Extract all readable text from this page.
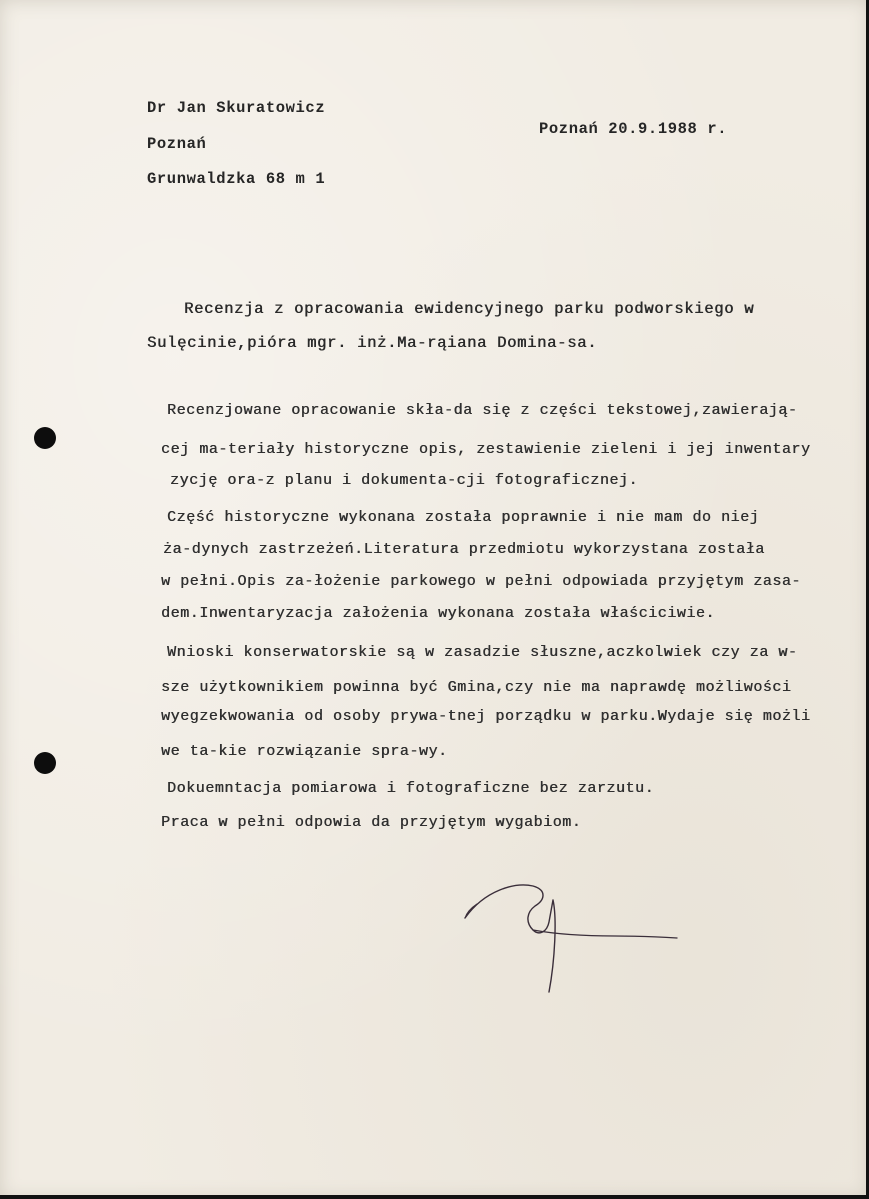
Dr Jan Skuratowicz
Poznań
Grunwaldzka 68 m 1
Poznań 20.9.1988 r.
Recenzja z opracowania ewidencyjnego parku podworskiego w
Sulęcinie,pióra mgr. inż.Ma-rąiana Domina-sa.
Recenzjowane opracowanie skła-da się z części tekstowej,zawierają-
cej ma-teriały historyczne opis, zestawienie zieleni i jej inwentary
zycję ora-z planu i dokumenta-cji fotograficznej.
Część historyczne wykonana została poprawnie i nie mam do niej
ża-dynych zastrzeżeń.Literatura przedmiotu wykorzystana została
w pełni.Opis za-łożenie parkowego w pełni odpowiada przyjętym zasa-
dem.Inwentaryzacja założenia wykonana została właściciwie.
Wnioski konserwatorskie są w zasadzie słuszne,aczkolwiek czy za w-
sze użytkownikiem powinna być Gmina,czy nie ma naprawdę możliwości
wyegzekwowania od osoby prywa-tnej porządku w parku.Wydaje się możli
we ta-kie rozwiązanie spra-wy.
Dokuemntacja pomiarowa i fotograficzne bez zarzutu.
Praca w pełni odpowia da przyjętym wygabiom.
